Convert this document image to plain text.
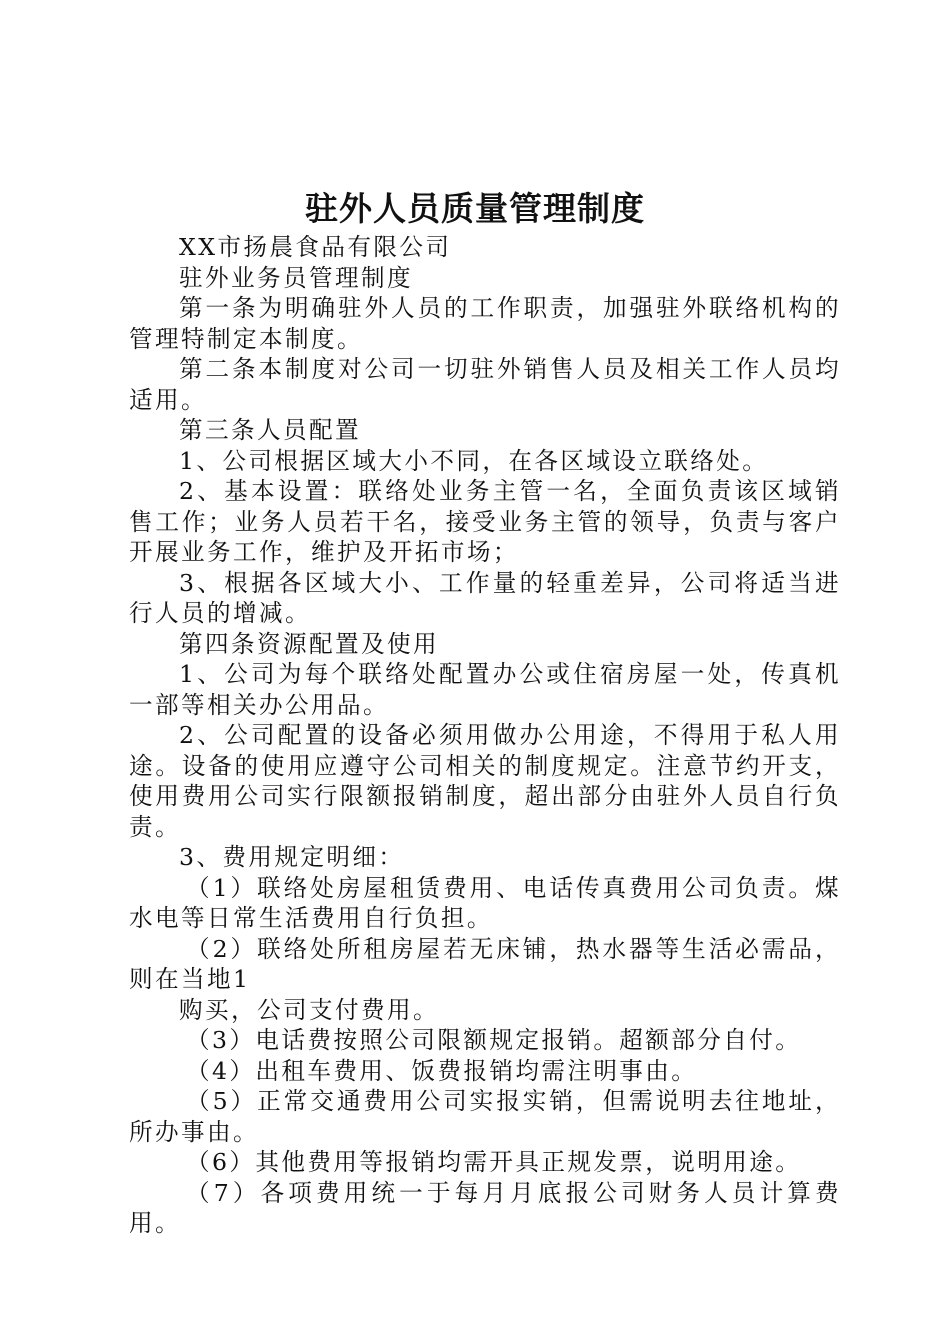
驻外人员质量管理制度

XX市扬晨食品有限公司

驻外业务员管理制度

第一条为明确驻外人员的工作职责，加强驻外联络机构的管理特制定本制度。

第二条本制度对公司一切驻外销售人员及相关工作人员均适用。

第三条人员配置

1、公司根据区域大小不同，在各区域设立联络处。

2、基本设置：联络处业务主管一名，全面负责该区域销售工作；业务人员若干名，接受业务主管的领导，负责与客户开展业务工作，维护及开拓市场；

3、根据各区域大小、工作量的轻重差异，公司将适当进行人员的增减。

第四条资源配置及使用

1、公司为每个联络处配置办公或住宿房屋一处，传真机一部等相关办公用品。

2、公司配置的设备必须用做办公用途，不得用于私人用途。设备的使用应遵守公司相关的制度规定。注意节约开支，使用费用公司实行限额报销制度，超出部分由驻外人员自行负责。

3、费用规定明细：

（1）联络处房屋租赁费用、电话传真费用公司负责。煤水电等日常生活费用自行负担。

（2）联络处所租房屋若无床铺，热水器等生活必需品，则在当地1

购买，公司支付费用。

（3）电话费按照公司限额规定报销。超额部分自付。

（4）出租车费用、饭费报销均需注明事由。

（5）正常交通费用公司实报实销，但需说明去往地址，所办事由。

（6）其他费用等报销均需开具正规发票，说明用途。

（7）各项费用统一于每月月底报公司财务人员计算费用。
